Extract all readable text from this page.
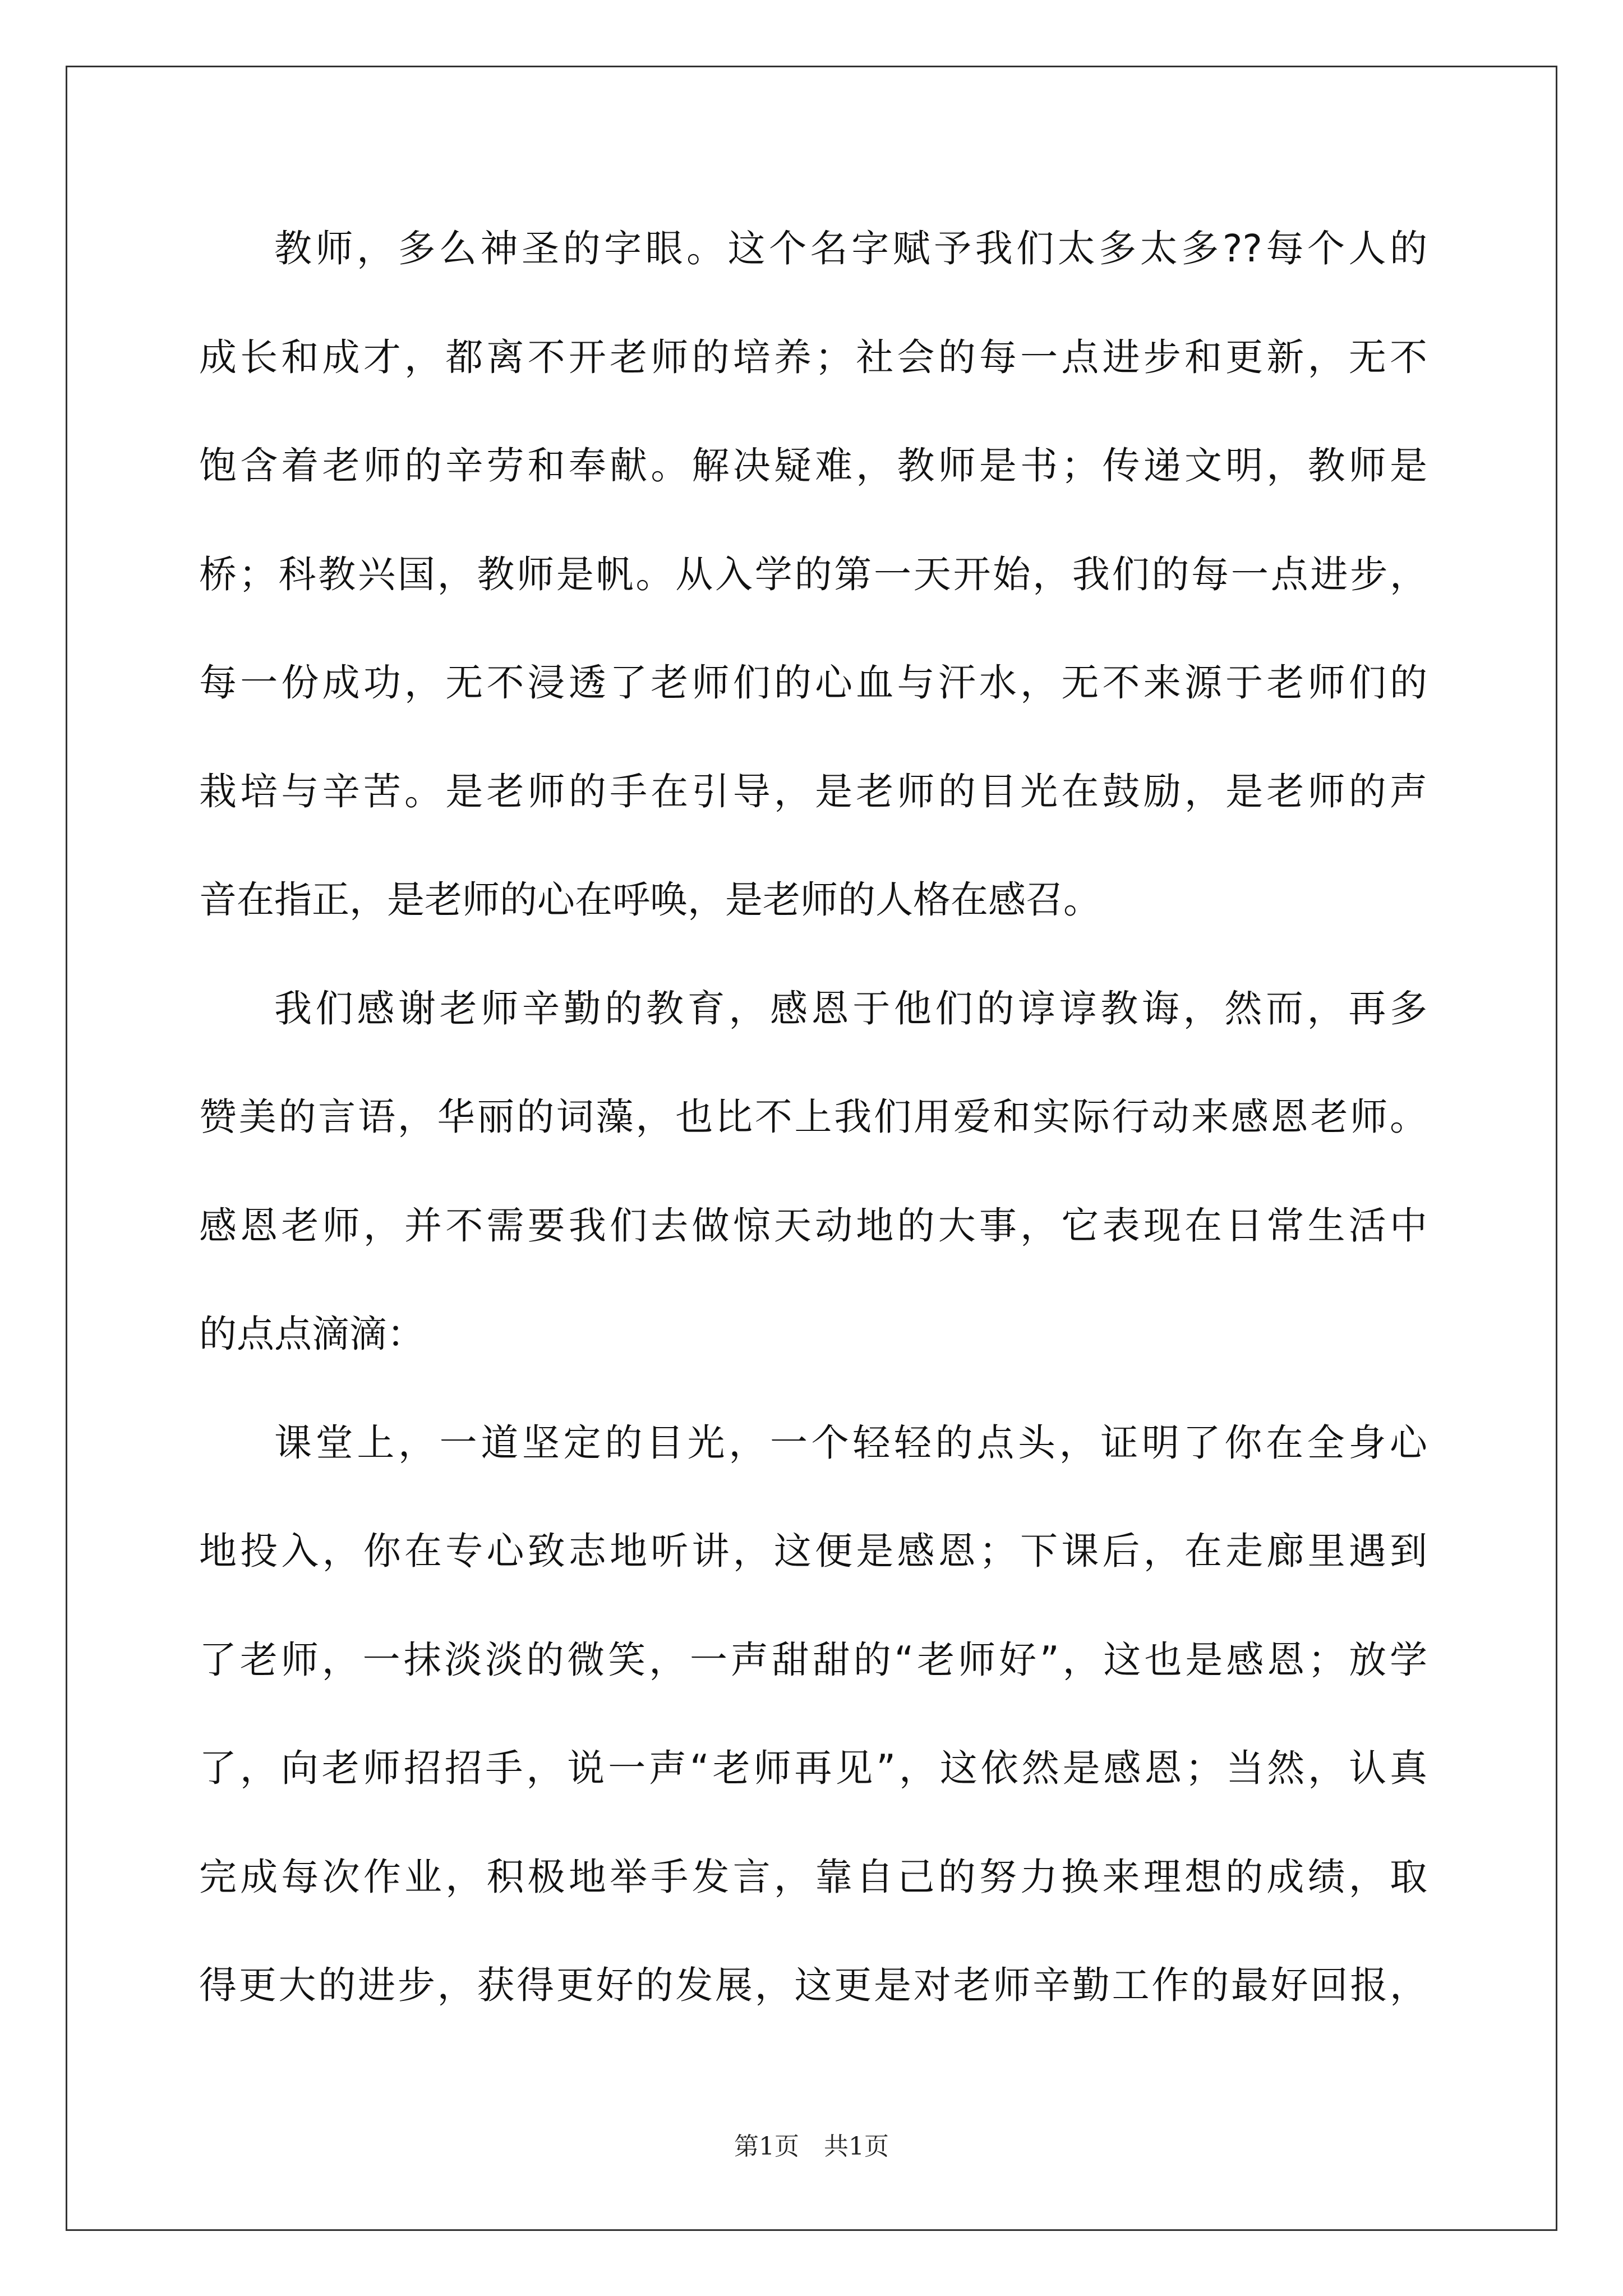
教师，多么神圣的字眼。这个名字赋予我们太多太多??每个人的
成长和成才，都离不开老师的培养；社会的每一点进步和更新，无不
饱含着老师的辛劳和奉献。解决疑难，教师是书；传递文明，教师是
桥；科教兴国，教师是帆。从入学的第一天开始，我们的每一点进步，
每一份成功，无不浸透了老师们的心血与汗水，无不来源于老师们的
栽培与辛苦。是老师的手在引导，是老师的目光在鼓励，是老师的声
音在指正，是老师的心在呼唤，是老师的人格在感召。
我们感谢老师辛勤的教育，感恩于他们的谆谆教诲，然而，再多
赞美的言语，华丽的词藻，也比不上我们用爱和实际行动来感恩老师。
感恩老师，并不需要我们去做惊天动地的大事，它表现在日常生活中
的点点滴滴：
课堂上，一道坚定的目光，一个轻轻的点头，证明了你在全身心
地投入，你在专心致志地听讲，这便是感恩；下课后，在走廊里遇到
了老师，一抹淡淡的微笑，一声甜甜的“老师好”，这也是感恩；放学
了，向老师招招手，说一声“老师再见”，这依然是感恩；当然，认真
完成每次作业，积极地举手发言，靠自己的努力换来理想的成绩，取
得更大的进步，获得更好的发展，这更是对老师辛勤工作的最好回报，
第1页 共1页
